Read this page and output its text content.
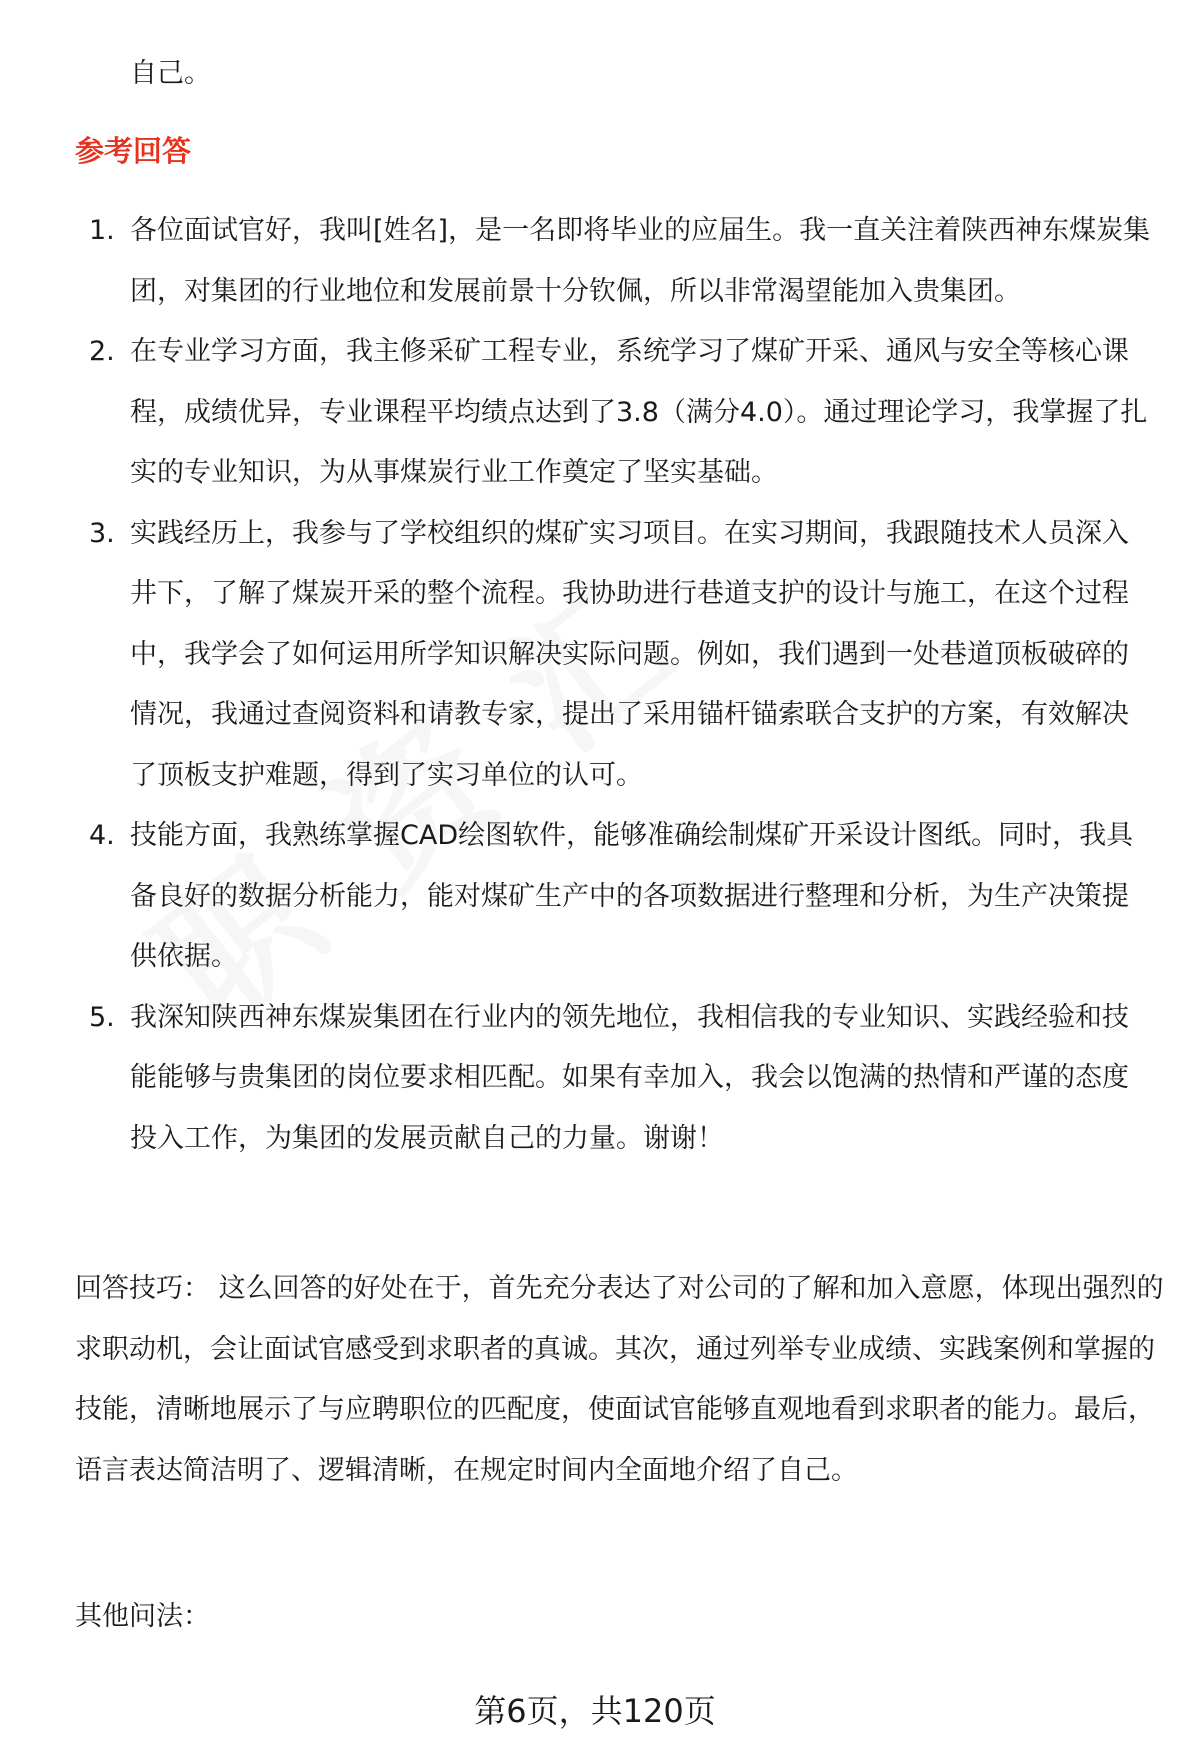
自己。
参考回答
1. 各位面试官好，我叫[姓名]，是一名即将毕业的应届生。我一直关注着陕西神东煤炭集团，对集团的行业地位和发展前景十分钦佩，所以非常渴望能加入贵集团。
2. 在专业学习方面，我主修采矿工程专业，系统学习了煤矿开采、通风与安全等核心课程，成绩优异，专业课程平均绩点达到了3.8（满分4.0）。通过理论学习，我掌握了扎实的专业知识，为从事煤炭行业工作奠定了坚实基础。
3. 实践经历上，我参与了学校组织的煤矿实习项目。在实习期间，我跟随技术人员深入井下，了解了煤炭开采的整个流程。我协助进行巷道支护的设计与施工，在这个过程中，我学会了如何运用所学知识解决实际问题。例如，我们遇到一处巷道顶板破碎的情况，我通过查阅资料和请教专家，提出了采用锚杆锚索联合支护的方案，有效解决了顶板支护难题，得到了实习单位的认可。
4. 技能方面，我熟练掌握CAD绘图软件，能够准确绘制煤矿开采设计图纸。同时，我具备良好的数据分析能力，能对煤矿生产中的各项数据进行整理和分析，为生产决策提供依据。
5. 我深知陕西神东煤炭集团在行业内的领先地位，我相信我的专业知识、实践经验和技能能够与贵集团的岗位要求相匹配。如果有幸加入，我会以饱满的热情和严谨的态度投入工作，为集团的发展贡献自己的力量。谢谢！
回答技巧： 这么回答的好处在于，首先充分表达了对公司的了解和加入意愿，体现出强烈的求职动机，会让面试官感受到求职者的真诚。其次，通过列举专业成绩、实践案例和掌握的技能，清晰地展示了与应聘职位的匹配度，使面试官能够直观地看到求职者的能力。最后，语言表达简洁明了、逻辑清晰，在规定时间内全面地介绍了自己。
其他问法：
第6页，共120页
